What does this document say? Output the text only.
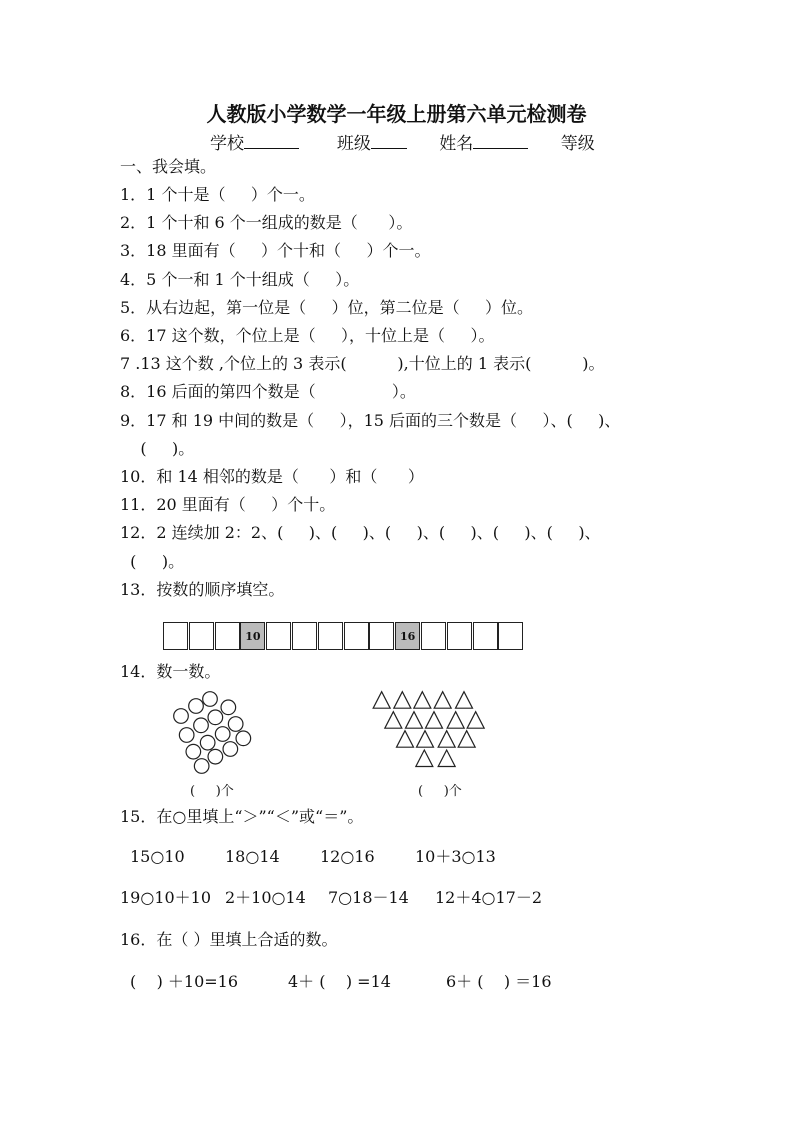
人教版小学数学一年级上册第六单元检测卷
学校	班级	姓名	等级
一、我会填。
1．1 个十是（     ）个一。
2．1 个十和 6 个一组成的数是（      ）。
3．18 里面有（     ）个十和（     ）个一。
4．5 个一和 1 个十组成（     ）。
5．从右边起，第一位是（     ）位，第二位是（     ）位。
6．17 这个数，个位上是（     ），十位上是（     ）。
7 .13 这个数 ,个位上的 3 表示(          ),十位上的 1 表示(          )。
8．16 后面的第四个数是（               ）。
9．17 和 19 中间的数是（     ），15 后面的三个数是（     ）、(     )、
(     )。
10．和 14 相邻的数是（      ）和（      ）
11．20 里面有（     ）个十。
12．2 连续加 2：2、(     )、(     )、(     )、(     )、(     )、(     )、
(     )。
13．按数的顺序填空。
10	16
14．数一数。
(     )个	(     )个
15．在○里填上“＞”“＜”或“＝”。
15○10	18○14	12○16	10＋3○13
19○10＋10 2＋10○14 7○18－14 12＋4○17－2
16．在（ ）里填上合适的数。
(    ) ＋10=16	4＋ (    ) =14	6＋ (    ) ＝16
